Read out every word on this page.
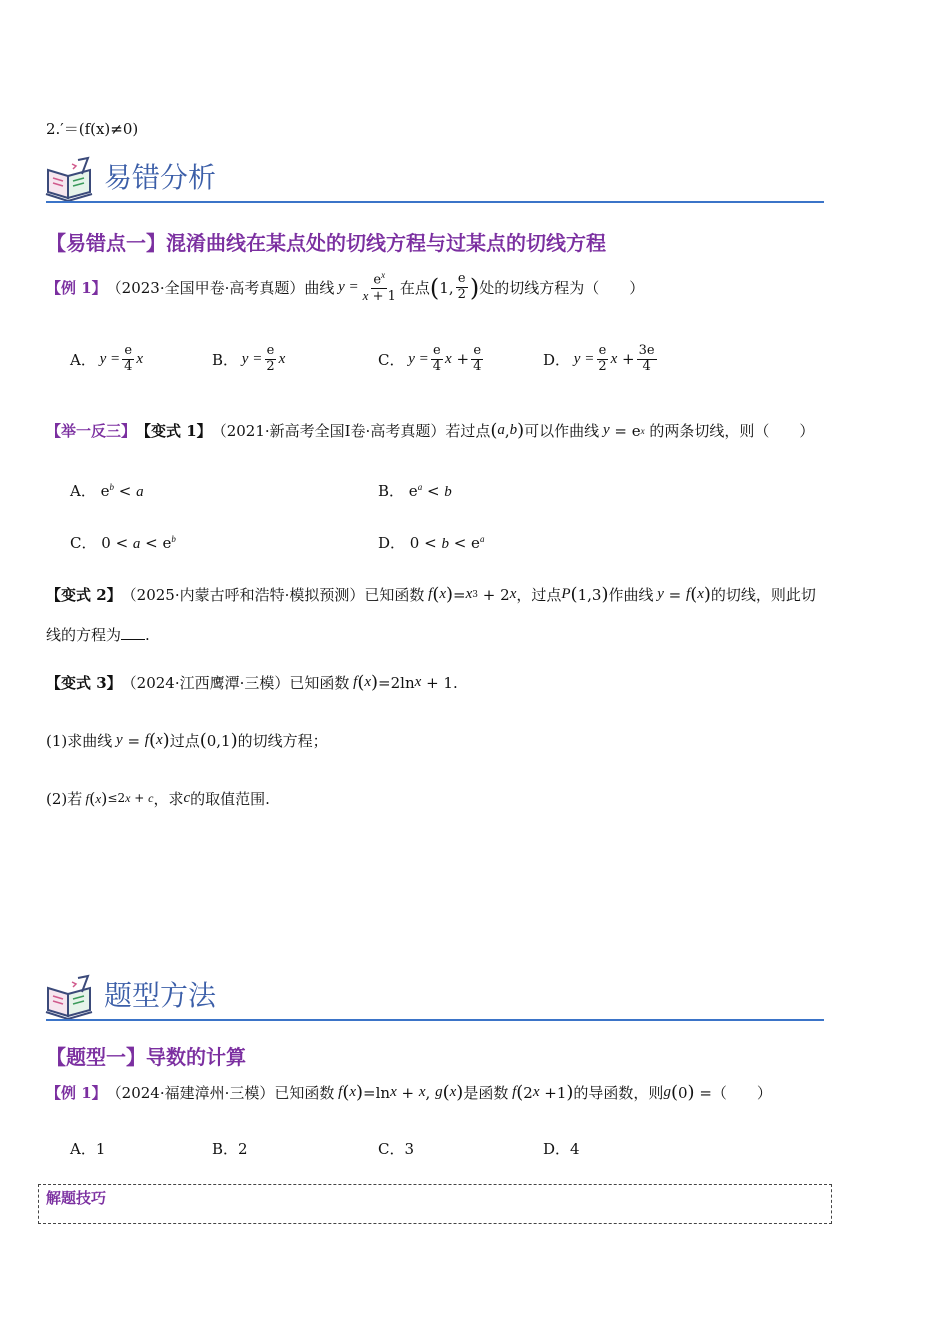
2.′＝(f(x)≠0)
易错分析
【易错点一】混淆曲线在某点处的切线方程与过某点的切线方程
【例 1】 （2023·全国甲卷·高考真题）曲线 $y = \frac{e^x}{x + 1}$ 在点 ( 1, $\frac{e}{2}$ ) 处的切线方程为（　　）
A． $y = \frac{e}{4}$ x	B． $y = \frac{e}{2}$ x	C． $y = \frac{e}{4}$ $x + \frac{e}{4}$	D． $y = \frac{e}{2}$ $x + \frac{3e}{4}$
【举一反三】 【变式 1】 （2021·新高考全国Ⅰ卷·高考真题）若过点 ( a , b ) 可以作曲线 y = e x
的两条切线，则（　　）
A． $e^b < a$	B． $e^a < b$
C． $0 < a < e^b$	D． $0 < b < e^a$
【变式 2】 （2025·内蒙古呼和浩特·模拟预测）已知函数 f ( x ) = x 3 + 2 x ，过点 P ( 1,3 ) 作曲线 y = f ( x ) 的切线，则此切
线的方程为 .
【变式 3】 （2024·江西鹰潭·三模）已知函数 f ( x ) =2ln x + 1 .
(1)求曲线 y = f ( x ) 过点 ( 0,1 ) 的切线方程；
(2)若 f ( x ) ≤2x + c ，求 c 的取值范围.
题型方法
【题型一】导数的计算
【例 1】 （2024·福建漳州·三模）已知函数 f ( x ) =ln x + x , g ( x ) 是函数 f ( 2 x +1 ) 的导函数，则 g ( 0 ) = （　　）
A．1	B．2	C．3	D．4
解题技巧
